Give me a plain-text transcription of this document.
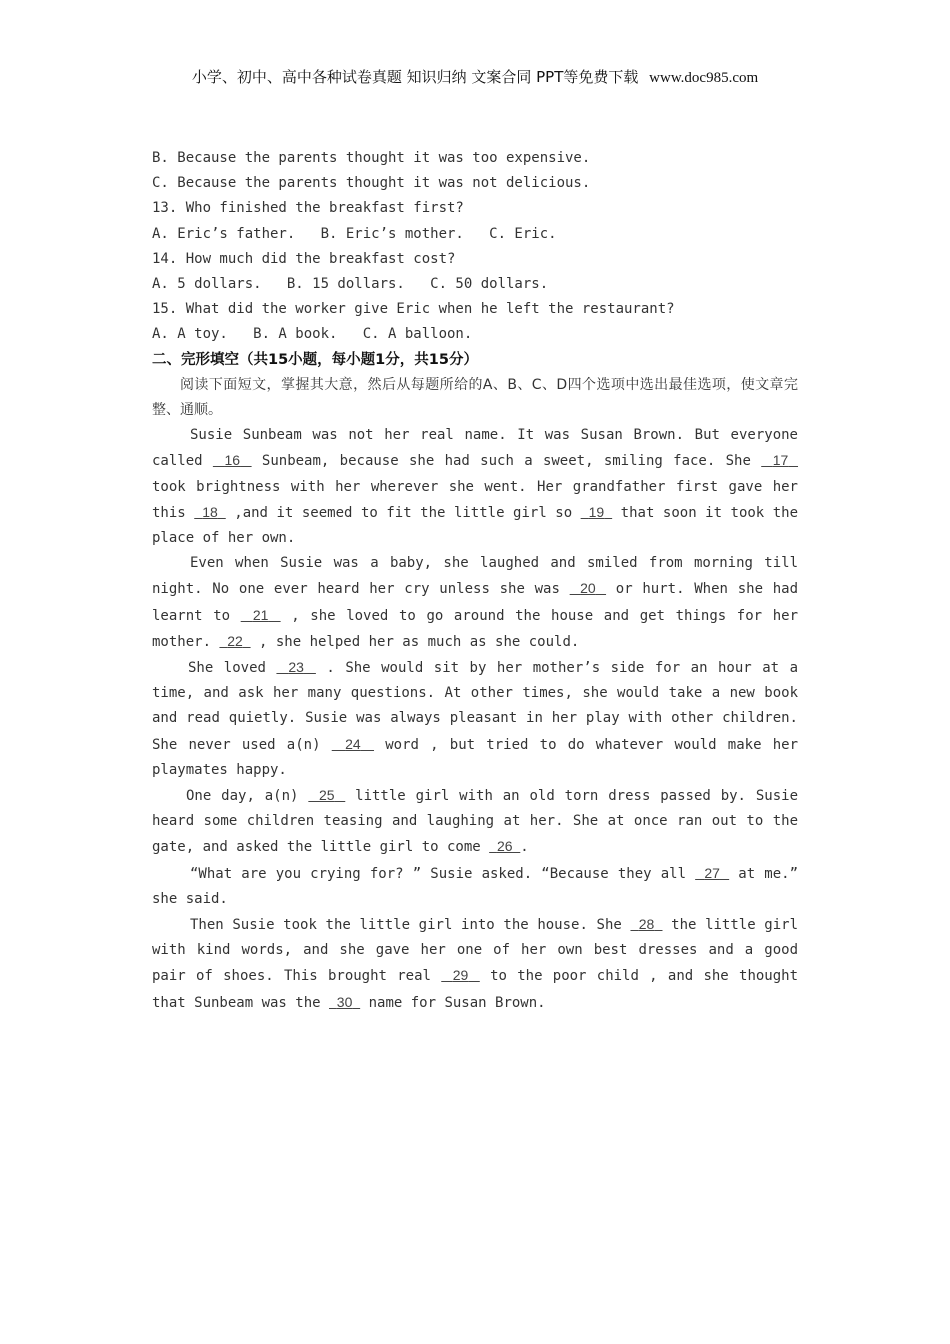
小学、初中、高中各种试卷真题 知识归纳 文案合同 PPT等免费下载 www.doc985.com
B. Because the parents thought it was too expensive.
C. Because the parents thought it was not delicious.
13. Who finished the breakfast first?
A. Eric’s father.   B. Eric’s mother.   C. Eric.
14. How much did the breakfast cost?
A. 5 dollars.   B. 15 dollars.   C. 50 dollars.
15. What did the worker give Eric when he left the restaurant?
A. A toy.   B. A book.   C. A balloon.
二、完形填空（共15小题，每小题1分，共15分）

阅读下面短文，掌握其大意，然后从每题所给的A、B、C、D四个选项中选出最佳选项，使文章完整、通顺。

Susie Sunbeam was not her real name. It was Susan Brown. But everyone called   16   Sunbeam, because she had such a sweet, smiling face. She   17   took brightness with her wherever she went. Her grandfather first gave her this   18   ,and it seemed to fit the little girl so   19   that soon it took the place of her own.

Even when Susie was a baby, she laughed and smiled from morning till night. No one ever heard her cry unless she was   20   or hurt. When she had learnt to   21   , she loved to go around the house and get things for her mother.   22   , she helped her as much as she could.

She loved   23   . She would sit by her mother’s side for an hour at a time, and ask her many questions. At other times, she would take a new book and read quietly. Susie was always pleasant in her play with other children. She never used a(n)   24   word , but tried to do whatever would make her playmates happy.

One day, a(n)   25   little girl with an old torn dress passed by. Susie heard some children teasing and laughing at her. She at once ran out to the gate, and asked the little girl to come   26 .

“What are you crying for? ” Susie asked. “Because they all   27   at me.” she said.

Then Susie took the little girl into the house. She   28   the little girl with kind words, and she gave her one of her own best dresses and a good pair of shoes. This brought real   29   to the poor child , and she thought that Sunbeam was the   30   name for Susan Brown.
